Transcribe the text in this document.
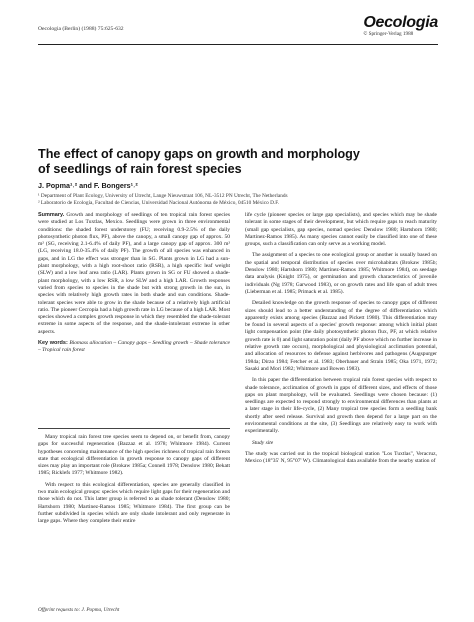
Oecologia (Berlin) (1988) 75:625-632	Oecologia
© Springer-Verlag 1988
The effect of canopy gaps on growth and morphology
of seedlings of rain forest species
J. Popma¹˒² and F. Bongers¹˒²
¹ Department of Plant Ecology, University of Utrecht, Lange Nieuwstraat 106, NL-3512 PN Utrecht, The Netherlands
² Laboratorio de Ecología, Facultad de Ciencias, Universidad Nacional Autónoma de México, 04510 México D.F.

Summary. Growth and morphology of seedlings of ten tropical rain forest species were studied at Los Tuxtlas, Mexico. Seedlings were grown in three environmental conditions: the shaded forest understorey (FU; receiving 0.9-2.5% of the daily photosynthetic photon flux, PF), above the canopy, a small canopy gap of approx. 50 m² (SG, receiving 2.1-6.4% of daily PF), and a large canopy gap of approx. 300 m² (LG, receiving 18.0-35.4% of daily PF). The growth of all species was enhanced in gaps, and in LG the effect was stronger than in SG. Plants grown in LG had a sun-plant morphology, with a high root-shoot ratio (RSR), a high specific leaf weight (SLW) and a low leaf area ratio (LAR). Plants grown in SG or FU showed a shade-plant morphology, with a low RSR, a low SLW and a high LAR. Growth responses varied from species to species in the shade but with strong growth in the sun, in species with relatively high growth rates in both shade and sun conditions. Shade-tolerant species were able to grow in the shade because of a relatively high artificial ratio. The pioneer Cecropia had a high growth rate in LG because of a high LAR. Most species showed a complex growth response in which they resembled the shade-tolerant extreme in some aspects of the response, and the shade-intolerant extreme in other aspects.

Key words: Biomass allocation – Canopy gaps – Seedling growth – Shade tolerance – Tropical rain forest

Many tropical rain forest tree species seem to depend on, or benefit from, canopy gaps for successful regeneration (Bazzaz et al. 1978; Whitmore 1984). Current hypotheses concerning maintenance of the high species richness of tropical rain forests state that ecological differentiation in growth response to canopy gaps of different sizes may play an important role (Brokaw 1985a; Connell 1978; Denslow 1980; Bekatt 1985; Ricklefs 1977; Whitmore 1982).

With respect to this ecological differentiation, species are generally classified in two main ecological groups: species which require light gaps for their regeneration and those which do not. This latter group is referred to as shade tolerant (Denslow 1980; Hartshorn 1980; Martinez-Ramos 1985; Whitmore 1984). The first group can be further subdivided in species which are only shade intolerant and only regenerate in large gaps. Where they complete their entire

life cycle (pioneer species or large gap specialists), and species which may be shade tolerant in some stages of their development, but which require gaps to reach maturity (small gap specialists, gap species, nomad species: Denslow 1980; Hartshorn 1980; Martinez-Ramos 1985). As many species cannot easily be classified into one of these groups, such a classification can only serve as a working model.

The assignment of a species to one ecological group or another is usually based on the spatial and temporal distribution of species over microhabitats (Brokaw 1985b; Denslow 1980; Hartshorn 1980; Martinez-Ramos 1985; Whitmore 1984), on seedage data analysis (Knight 1975), or germination and growth characteristics of juvenile individuals (Ng 1978; Garwood 1983), or on growth rates and life span of adult trees (Lieberman et al. 1985; Primack et al. 1985).

Detailed knowledge on the growth response of species to canopy gaps of different sizes should lead to a better understanding of the degree of differentiation which apparently exists among species (Bazzaz and Pickett 1980). This differentiation may be found in several aspects of a species' growth response: among which initial plant light compensation point (the daily photosynthetic photon flux, PF, at which relative growth rate is 0) and light saturation point (daily PF above which no further increase in relative growth rate occurs), morphological and physiological acclimation potential, and allocation of resources to defense against herbivores and pathogens (Augspurger 1984a; Dirzo 1984; Fetcher et al. 1983; Oberbauer and Strain 1985; Oka 1971, 1972; Sasaki and Mori 1982; Whitmore and Bowen 1983).

In this paper the differentiation between tropical rain forest species with respect to shade tolerance, acclimation of growth in gaps of different sizes, and effects of those gaps on plant morphology, will be evaluated. Seedlings were chosen because: (1) seedlings are expected to respond strongly to environmental differences than plants at a later stage in their life-cycle, (2) Many tropical tree species form a seedling bank shortly after seed release. Survival and growth then depend for a large part on the environmental conditions at the site, (3) Seedlings are relatively easy to work with experimentally.

Study site

The study was carried out in the tropical biological station "Los Tuxtlas", Veracruz, Mexico (18°35' N, 95°07' W). Climatological data available from the nearby station of

Offprint requests to: J. Popma, Utrecht
